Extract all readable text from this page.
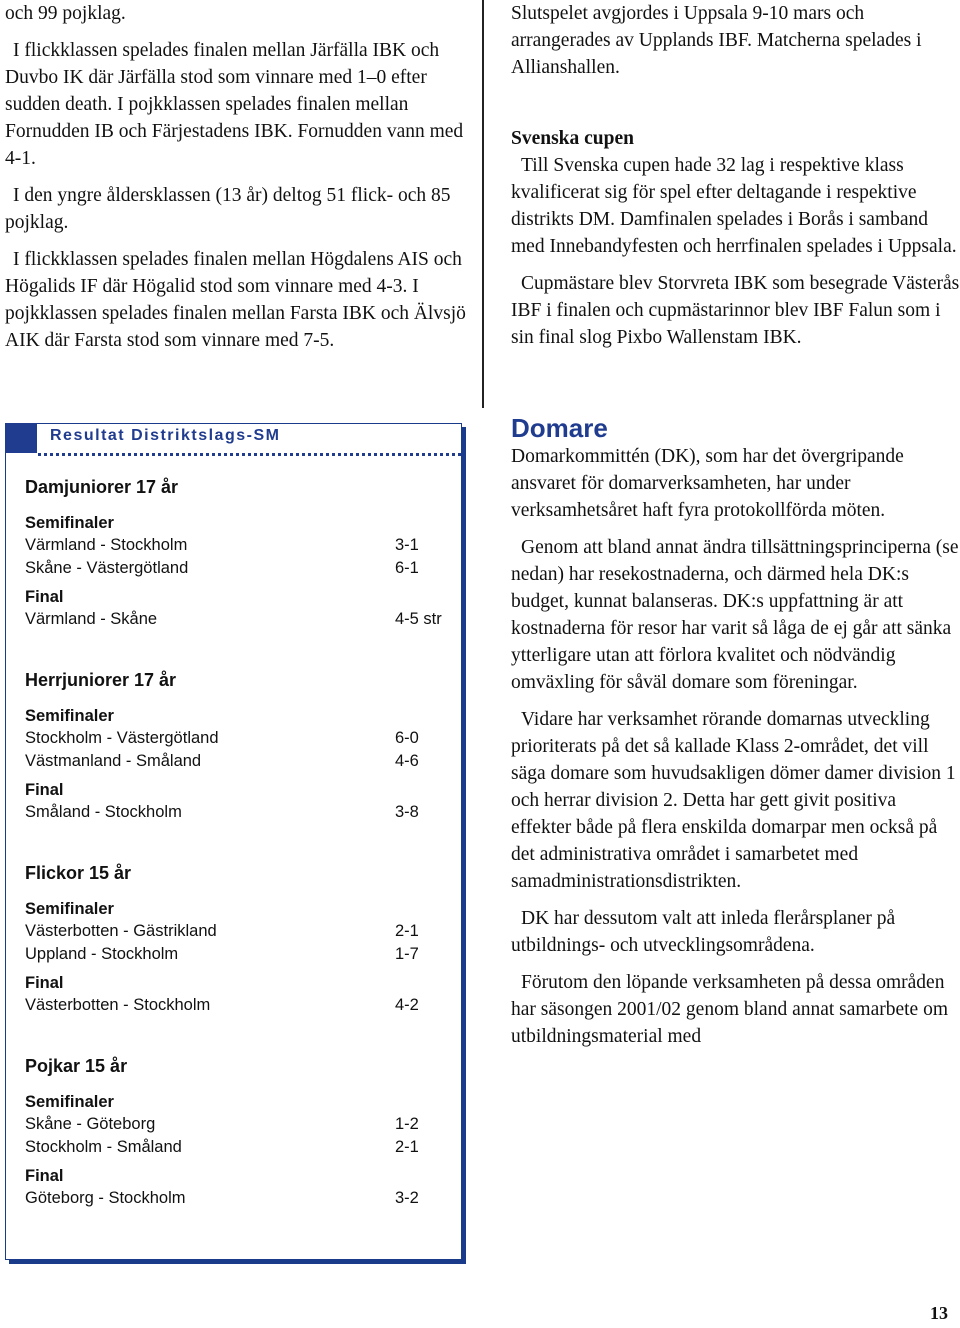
och 99 pojklag.

I flickklassen spelades finalen mellan Järfälla IBK och Duvbo IK där Järfälla stod som vinnare med 1–0 efter sudden death. I pojkklassen spelades finalen mellan Fornudden IB och Färjestadens IBK. Fornudden vann med 4-1.

I den yngre åldersklassen (13 år) deltog 51 flick- och 85 pojklag.

I flickklassen spelades finalen mellan Högdalens AIS och Högalids IF där Högalid stod som vinnare med 4-3. I pojkklassen spelades finalen mellan Farsta IBK och Älvsjö AIK där Farsta stod som vinnare med 7-5.

Slutspelet avgjordes i Uppsala 9-10 mars och arrangerades av Upplands IBF. Matcherna spelades i Allianshallen.

Svenska cupen

Till Svenska cupen hade 32 lag i respektive klass kvalificerat sig för spel efter deltagande i respektive distrikts DM. Damfinalen spelades i Borås i samband med Innebandyfesten och herrfinalen spelades i Uppsala.

Cupmästare blev Storvreta IBK som besegrade Västerås IBF i finalen och cupmästarinnor blev IBF Falun som i sin final slog Pixbo Wallenstam IBK.

Domare

Domarkommittén (DK), som har det övergripande ansvaret för domarverksamheten, har under verksamhetsåret haft fyra protokollförda möten.

Genom att bland annat ändra tillsättningsprinciperna (se nedan) har resekostnaderna, och därmed hela DK:s budget, kunnat balanseras. DK:s uppfattning är att kostnaderna för resor har varit så låga de ej går att sänka ytterligare utan att förlora kvalitet och nödvändig omväxling för såväl domare som föreningar.

Vidare har verksamhet rörande domarnas utveckling prioriterats på det så kallade Klass 2-området, det vill säga domare som huvudsakligen dömer damer division 1 och herrar division 2. Detta har gett givit positiva effekter både på flera enskilda domarpar men också på det administrativa området i samarbetet med samadministrationsdistrikten.

DK har dessutom valt att inleda flerårsplaner på utbildnings- och utvecklingsområdena.

Förutom den löpande verksamheten på dessa områden har säsongen 2001/02 genom bland annat samarbete om utbildningsmaterial med

Resultat Distriktslags-SM
Damjuniorer 17 år
Semifinaler
Värmland - Stockholm	3-1
Skåne - Västergötland	6-1
Final
Värmland - Skåne	4-5 str
Herrjuniorer 17 år
Semifinaler
Stockholm - Västergötland	6-0
Västmanland - Småland	4-6
Final
Småland - Stockholm	3-8
Flickor 15 år
Semifinaler
Västerbotten - Gästrikland	2-1
Uppland - Stockholm	1-7
Final
Västerbotten - Stockholm	4-2
Pojkar 15 år
Semifinaler
Skåne - Göteborg	1-2
Stockholm - Småland	2-1
Final
Göteborg - Stockholm	3-2
13
